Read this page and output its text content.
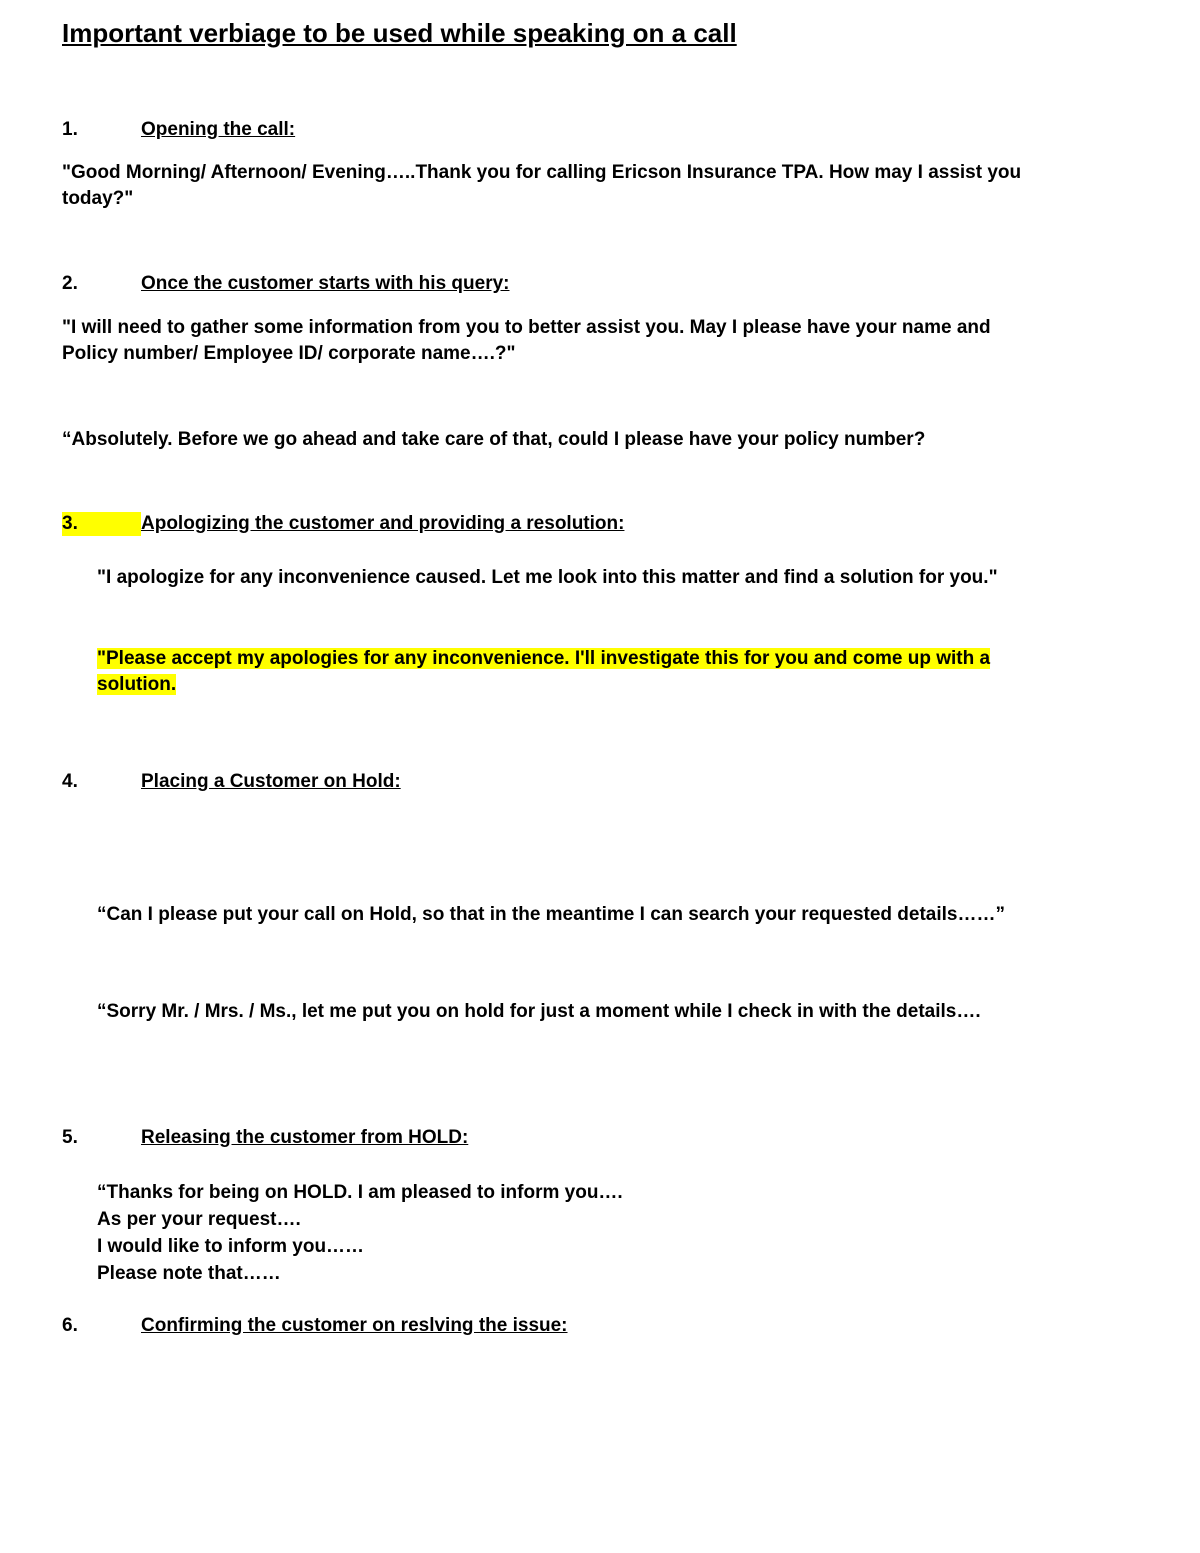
Important verbiage to be used while speaking on a call
1.	Opening the call:

"Good Morning/ Afternoon/ Evening…..Thank you for calling Ericson Insurance TPA. How may I assist you today?"

2.	Once the customer starts with his query:

"I will need to gather some information from you to better assist you. May I please have your name and Policy number/ Employee ID/ corporate name….?"

“Absolutely. Before we go ahead and take care of that, could I please have your policy number?

3.	Apologizing the customer and providing a resolution:

"I apologize for any inconvenience caused. Let me look into this matter and find a solution for you."

"Please accept my apologies for any inconvenience. I'll investigate this for you and come up with a solution.

4.	Placing a Customer on Hold:

“Can I please put your call on Hold, so that in the meantime I can search your requested details……”

“Sorry Mr. / Mrs. / Ms., let me put you on hold for just a moment while I check in with the details….

5.	Releasing the customer from HOLD:
“Thanks for being on HOLD. I am pleased to inform you….
As per your request….
I would like to inform you……
Please note that……
6.	Confirming the customer on reslving the issue:
